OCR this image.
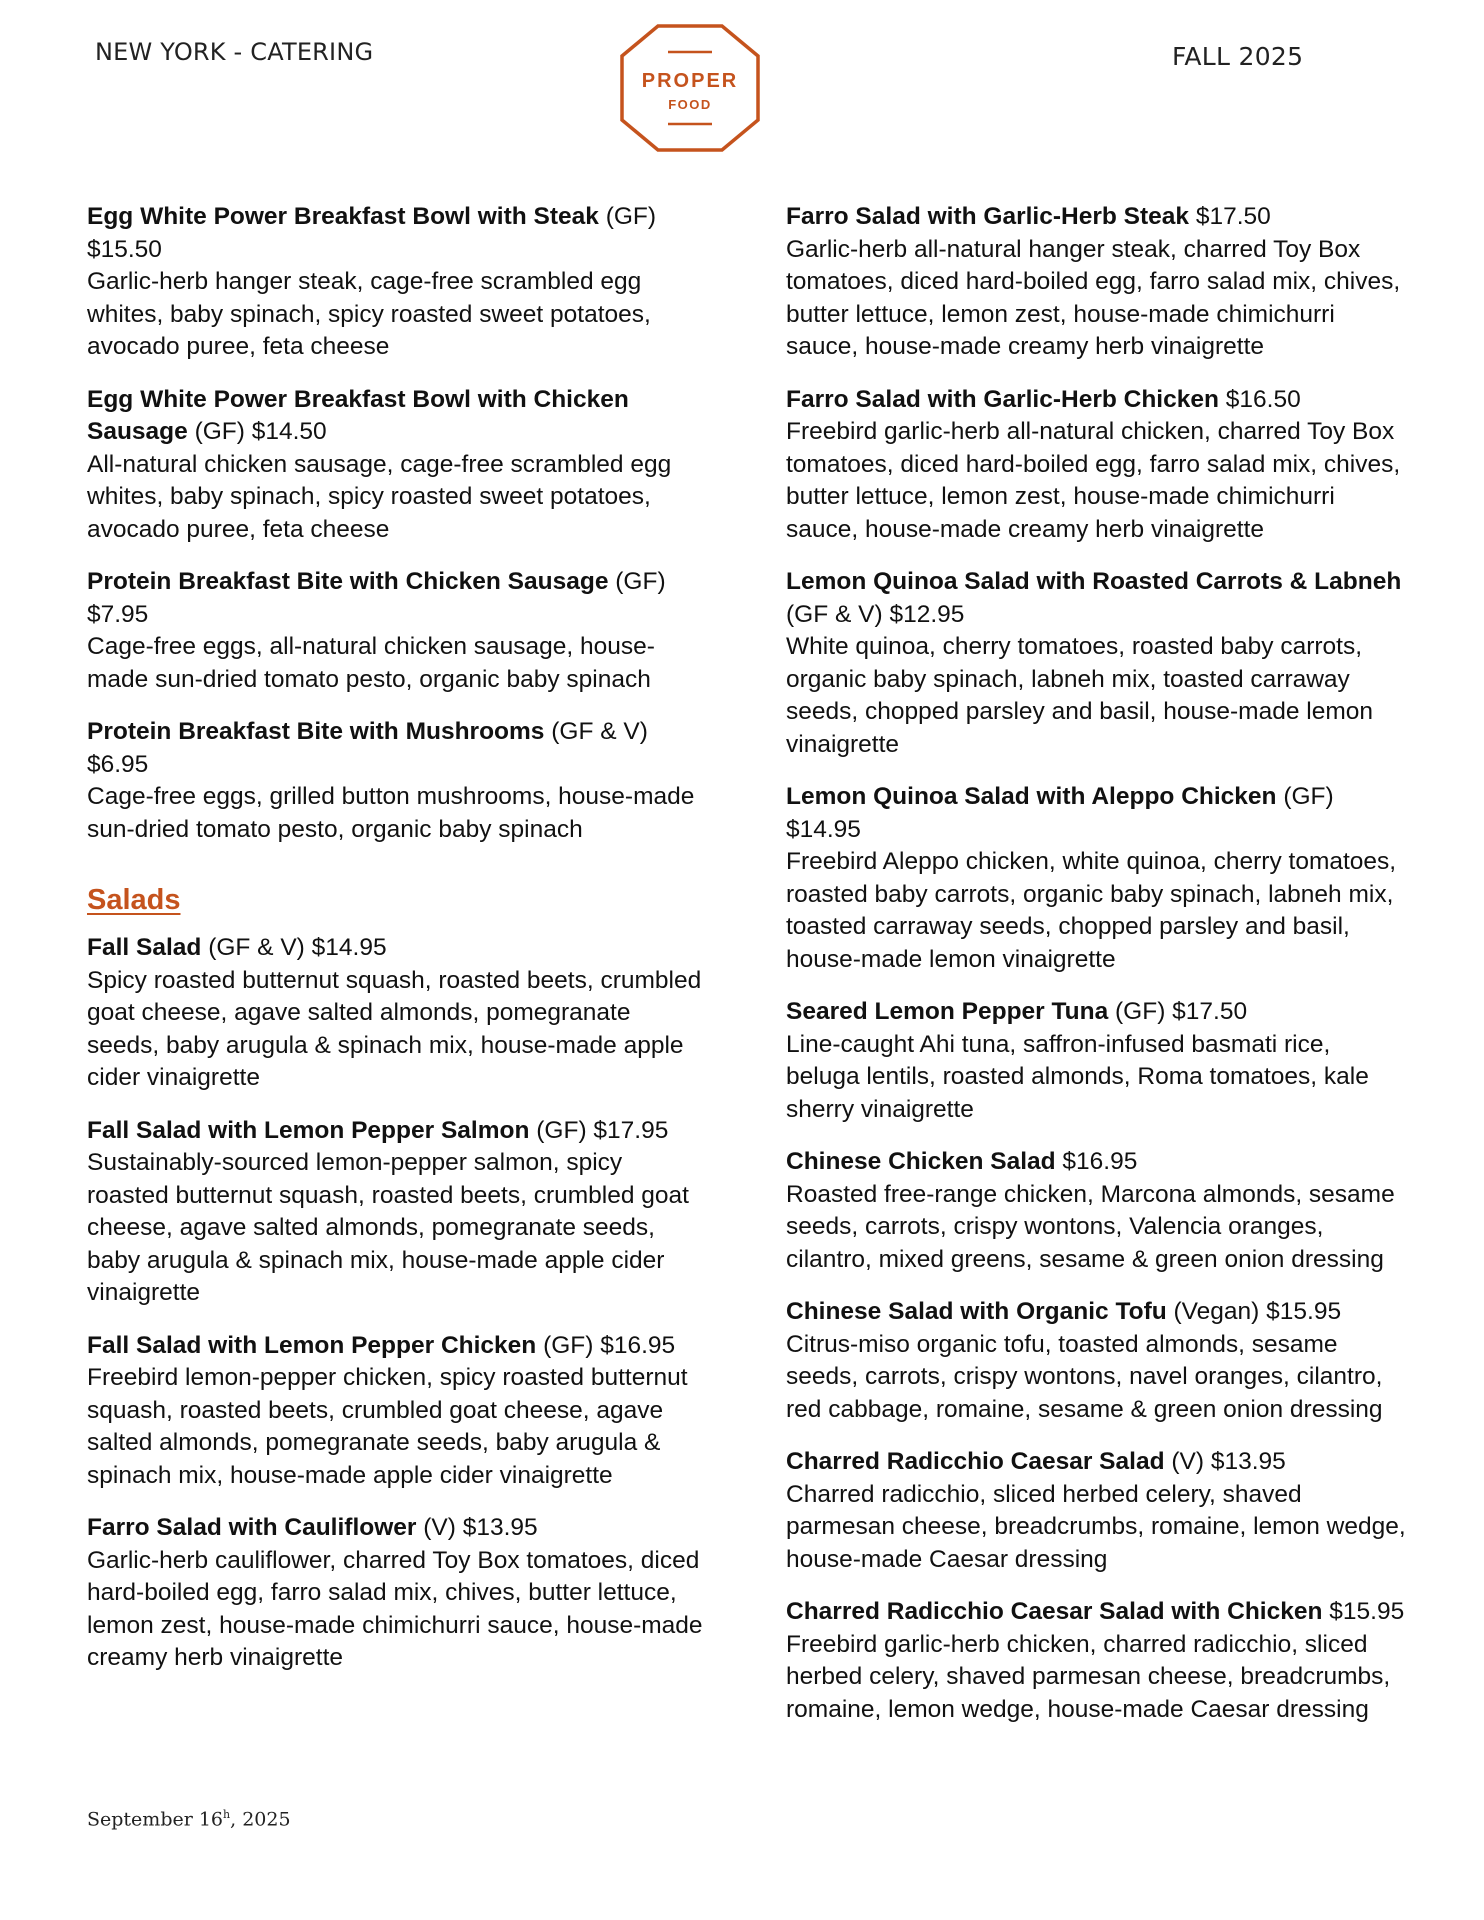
NEW YORK - CATERING
PROPER
FOOD
FALL 2025
Egg White Power Breakfast Bowl with Steak (GF) $15.50
Garlic-herb hanger steak, cage-free scrambled egg whites, baby spinach, spicy roasted sweet potatoes, avocado puree, feta cheese
Egg White Power Breakfast Bowl with Chicken Sausage (GF) $14.50
All-natural chicken sausage, cage-free scrambled egg whites, baby spinach, spicy roasted sweet potatoes, avocado puree, feta cheese
Protein Breakfast Bite with Chicken Sausage (GF) $7.95
Cage-free eggs, all-natural chicken sausage, house-made sun-dried tomato pesto, organic baby spinach
Protein Breakfast Bite with Mushrooms (GF & V) $6.95
Cage-free eggs, grilled button mushrooms, house-made sun-dried tomato pesto, organic baby spinach
Salads
Fall Salad (GF & V) $14.95
Spicy roasted butternut squash, roasted beets, crumbled goat cheese, agave salted almonds, pomegranate seeds, baby arugula & spinach mix, house-made apple cider vinaigrette
Fall Salad with Lemon Pepper Salmon (GF) $17.95
Sustainably-sourced lemon-pepper salmon, spicy roasted butternut squash, roasted beets, crumbled goat cheese, agave salted almonds, pomegranate seeds, baby arugula & spinach mix, house-made apple cider vinaigrette
Fall Salad with Lemon Pepper Chicken (GF) $16.95
Freebird lemon-pepper chicken, spicy roasted butternut squash, roasted beets, crumbled goat cheese, agave salted almonds, pomegranate seeds, baby arugula & spinach mix, house-made apple cider vinaigrette
Farro Salad with Cauliflower (V) $13.95
Garlic-herb cauliflower, charred Toy Box tomatoes, diced hard-boiled egg, farro salad mix, chives, butter lettuce, lemon zest, house-made chimichurri sauce, house-made creamy herb vinaigrette
Farro Salad with Garlic-Herb Steak $17.50
Garlic-herb all-natural hanger steak, charred Toy Box tomatoes, diced hard-boiled egg, farro salad mix, chives, butter lettuce, lemon zest, house-made chimichurri sauce, house-made creamy herb vinaigrette
Farro Salad with Garlic-Herb Chicken $16.50
Freebird garlic-herb all-natural chicken, charred Toy Box tomatoes, diced hard-boiled egg, farro salad mix, chives, butter lettuce, lemon zest, house-made chimichurri sauce, house-made creamy herb vinaigrette
Lemon Quinoa Salad with Roasted Carrots & Labneh (GF & V) $12.95
White quinoa, cherry tomatoes, roasted baby carrots, organic baby spinach, labneh mix, toasted carraway seeds, chopped parsley and basil, house-made lemon vinaigrette
Lemon Quinoa Salad with Aleppo Chicken (GF) $14.95
Freebird Aleppo chicken, white quinoa, cherry tomatoes, roasted baby carrots, organic baby spinach, labneh mix, toasted carraway seeds, chopped parsley and basil, house-made lemon vinaigrette
Seared Lemon Pepper Tuna (GF) $17.50
Line-caught Ahi tuna, saffron-infused basmati rice, beluga lentils, roasted almonds, Roma tomatoes, kale sherry vinaigrette
Chinese Chicken Salad $16.95
Roasted free-range chicken, Marcona almonds, sesame seeds, carrots, crispy wontons, Valencia oranges, cilantro, mixed greens, sesame & green onion dressing
Chinese Salad with Organic Tofu (Vegan) $15.95
Citrus-miso organic tofu, toasted almonds, sesame seeds, carrots, crispy wontons, navel oranges, cilantro, red cabbage, romaine, sesame & green onion dressing
Charred Radicchio Caesar Salad (V) $13.95
Charred radicchio, sliced herbed celery, shaved parmesan cheese, breadcrumbs, romaine, lemon wedge, house-made Caesar dressing
Charred Radicchio Caesar Salad with Chicken $15.95
Freebird garlic-herb chicken, charred radicchio, sliced herbed celery, shaved parmesan cheese, breadcrumbs, romaine, lemon wedge, house-made Caesar dressing
September 16$^h$, 2025
